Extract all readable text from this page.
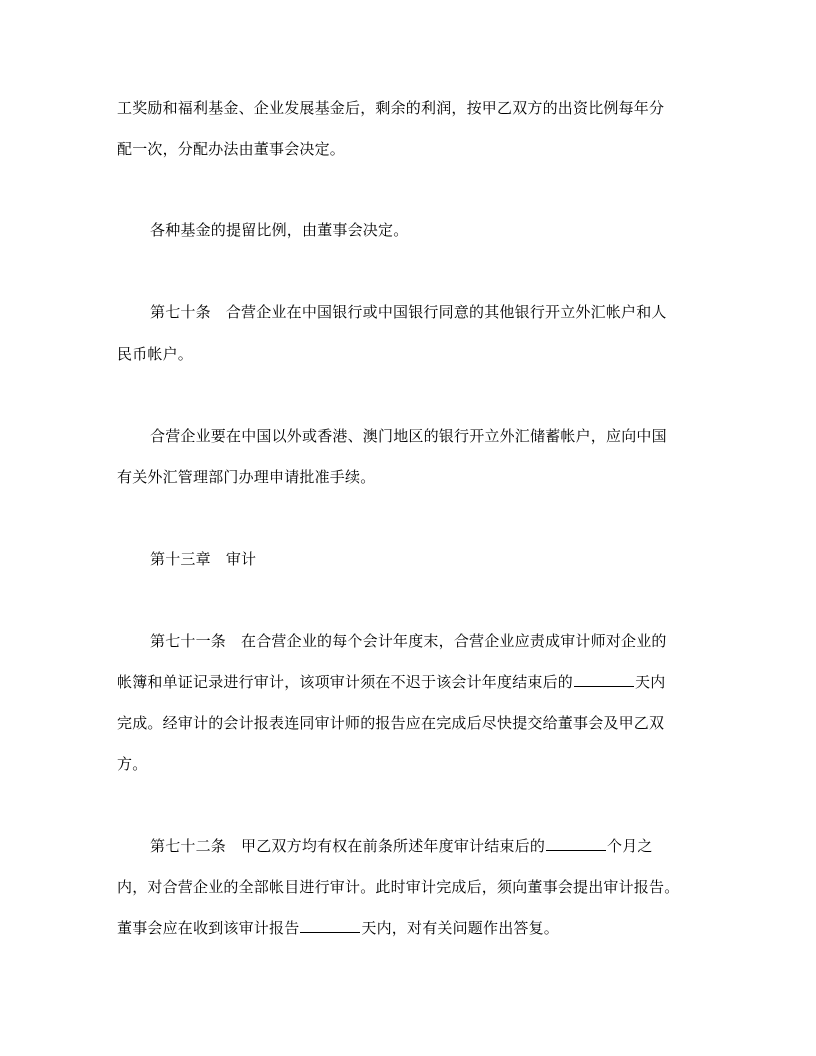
工奖励和福利基金、企业发展基金后，剩余的利润，按甲乙双方的出资比例每年分
配一次，分配办法由董事会决定。
各种基金的提留比例，由董事会决定。
第七十条 合营企业在中国银行或中国银行同意的其他银行开立外汇帐户和人
民币帐户。
合营企业要在中国以外或香港、澳门地区的银行开立外汇储蓄帐户，应向中国
有关外汇管理部门办理申请批准手续。
第十三章 审计
第七十一条 在合营企业的每个会计年度末，合营企业应责成审计师对企业的
帐簿和单证记录进行审计，该项审计须在不迟于该会计年度结束后的	天内
完成。经审计的会计报表连同审计师的报告应在完成后尽快提交给董事会及甲乙双
方。
第七十二条 甲乙双方均有权在前条所述年度审计结束后的	个月之
内，对合营企业的全部帐目进行审计。此时审计完成后，须向董事会提出审计报告。
董事会应在收到该审计报告	天内，对有关问题作出答复。
